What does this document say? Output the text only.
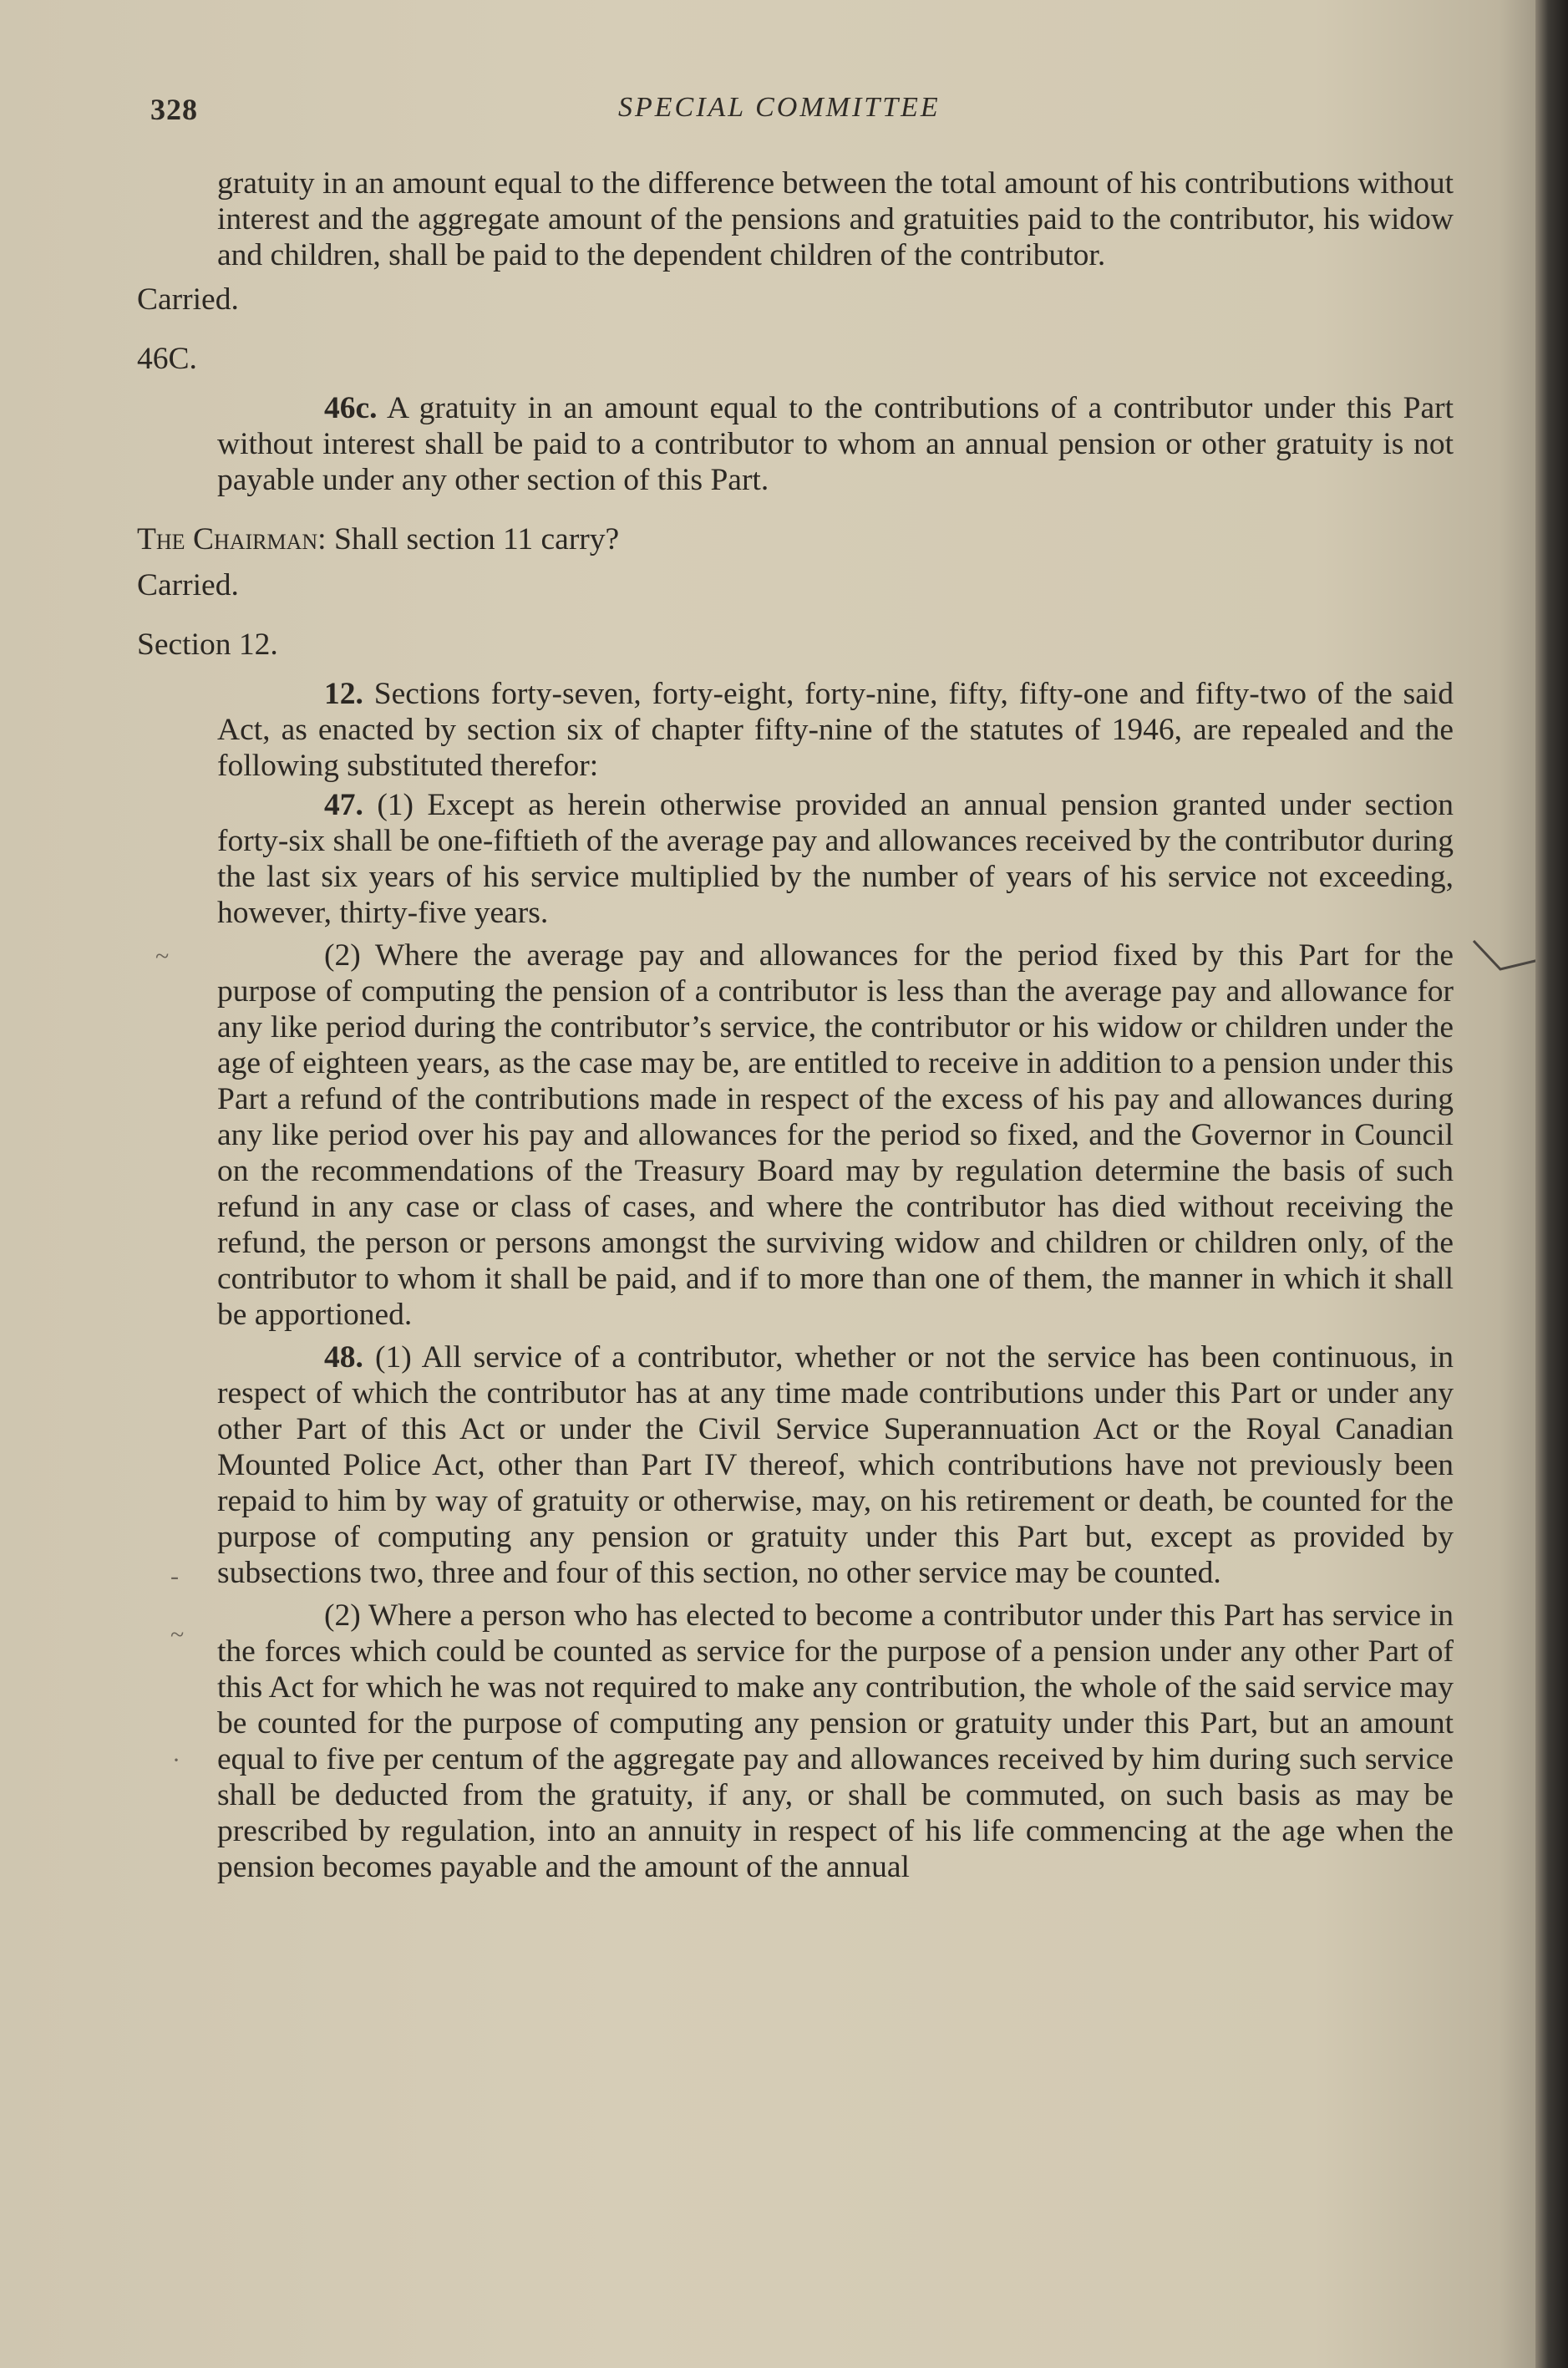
328	SPECIAL COMMITTEE

gratuity in an amount equal to the difference between the total amount of his contributions without interest and the aggregate amount of the pensions and gratuities paid to the contributor, his widow and children, shall be paid to the dependent children of the contributor.

Carried.

46C.

46c. A gratuity in an amount equal to the contributions of a contributor under this Part without interest shall be paid to a contributor to whom an annual pension or other gratuity is not payable under any other section of this Part.

The Chairman: Shall section 11 carry?

Carried.

Section 12.

12. Sections forty-seven, forty-eight, forty-nine, fifty, fifty-one and fifty-two of the said Act, as enacted by section six of chapter fifty-nine of the statutes of 1946, are repealed and the following substituted therefor:

47. (1) Except as herein otherwise provided an annual pension granted under section forty-six shall be one-fiftieth of the average pay and allowances received by the contributor during the last six years of his service multiplied by the number of years of his service not exceeding, however, thirty-five years.

(2) Where the average pay and allowances for the period fixed by this Part for the purpose of computing the pension of a contributor is less than the average pay and allowance for any like period during the contributor’s service, the contributor or his widow or children under the age of eighteen years, as the case may be, are entitled to receive in addition to a pension under this Part a refund of the contributions made in respect of the excess of his pay and allowances during any like period over his pay and allowances for the period so fixed, and the Governor in Council on the recommendations of the Treasury Board may by regulation determine the basis of such refund in any case or class of cases, and where the contributor has died without receiving the refund, the person or persons amongst the surviving widow and children or children only, of the contributor to whom it shall be paid, and if to more than one of them, the manner in which it shall be apportioned.

48. (1) All service of a contributor, whether or not the service has been continuous, in respect of which the contributor has at any time made contributions under this Part or under any other Part of this Act or under the Civil Service Superannuation Act or the Royal Canadian Mounted Police Act, other than Part IV thereof, which contributions have not previously been repaid to him by way of gratuity or otherwise, may, on his retirement or death, be counted for the purpose of computing any pension or gratuity under this Part but, except as provided by subsections two, three and four of this section, no other service may be counted.

(2) Where a person who has elected to become a contributor under this Part has service in the forces which could be counted as service for the purpose of a pension under any other Part of this Act for which he was not required to make any contribution, the whole of the said service may be counted for the purpose of computing any pension or gratuity under this Part, but an amount equal to five per centum of the aggregate pay and allowances received by him during such service shall be deducted from the gratuity, if any, or shall be commuted, on such basis as may be prescribed by regulation, into an annuity in respect of his life commencing at the age when the pension becomes payable and the amount of the annual

~
-
~
·
